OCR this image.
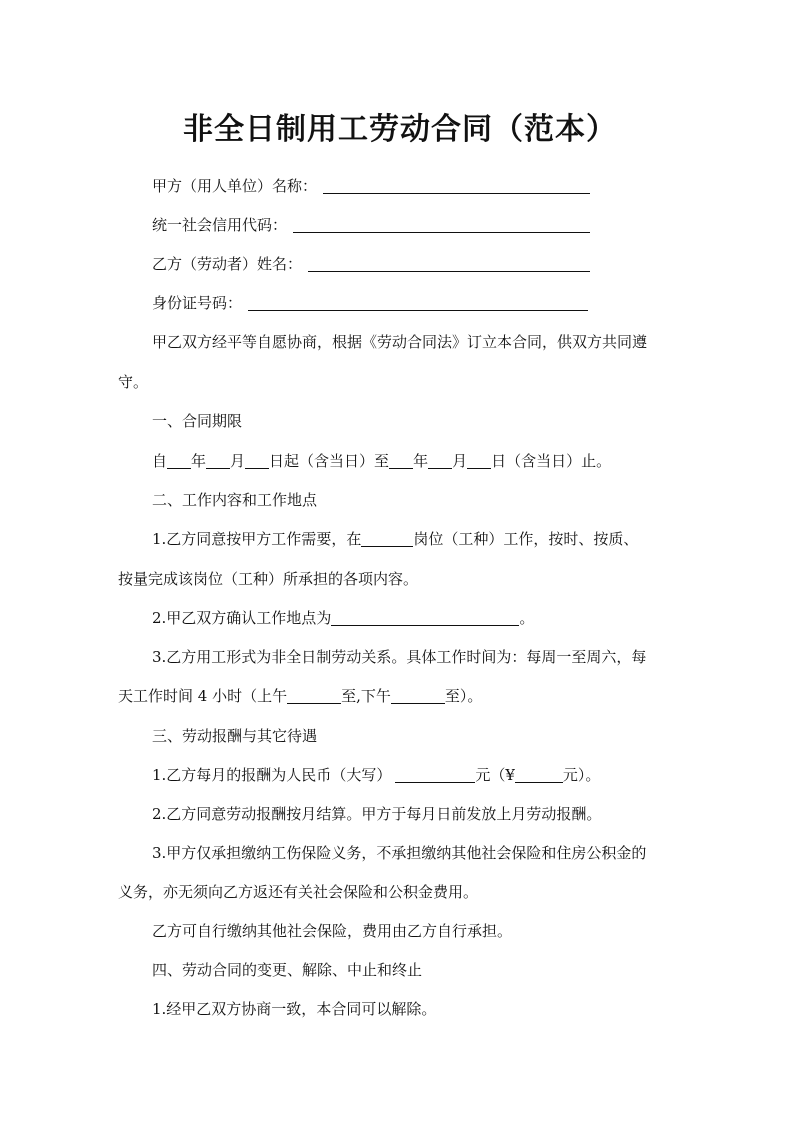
非全日制用工劳动合同（范本）
甲方（用人单位）名称：
统一社会信用代码：
乙方（劳动者）姓名：
身份证号码：
甲乙双方经平等自愿协商，根据《劳动合同法》订立本合同，供双方共同遵
守。
一、合同期限
自 年 月 日起（含当日）至 年 月 日（含当日）止。
二、工作内容和工作地点
1.乙方同意按甲方工作需要，在	岗位（工种）工作，按时、按质、
按量完成该岗位（工种）所承担的各项内容。
2.甲乙双方确认工作地点为	。
3.乙方用工形式为非全日制劳动关系。具体工作时间为：每周一至周六，每
天工作时间 4 小时（上午	至,下午	至）。
三、劳动报酬与其它待遇
1.乙方每月的报酬为人民币（大写）	元（¥	元）。
2.乙方同意劳动报酬按月结算。甲方于每月日前发放上月劳动报酬。
3.甲方仅承担缴纳工伤保险义务，不承担缴纳其他社会保险和住房公积金的
义务，亦无须向乙方返还有关社会保险和公积金费用。
乙方可自行缴纳其他社会保险，费用由乙方自行承担。
四、劳动合同的变更、解除、中止和终止
1.经甲乙双方协商一致，本合同可以解除。
